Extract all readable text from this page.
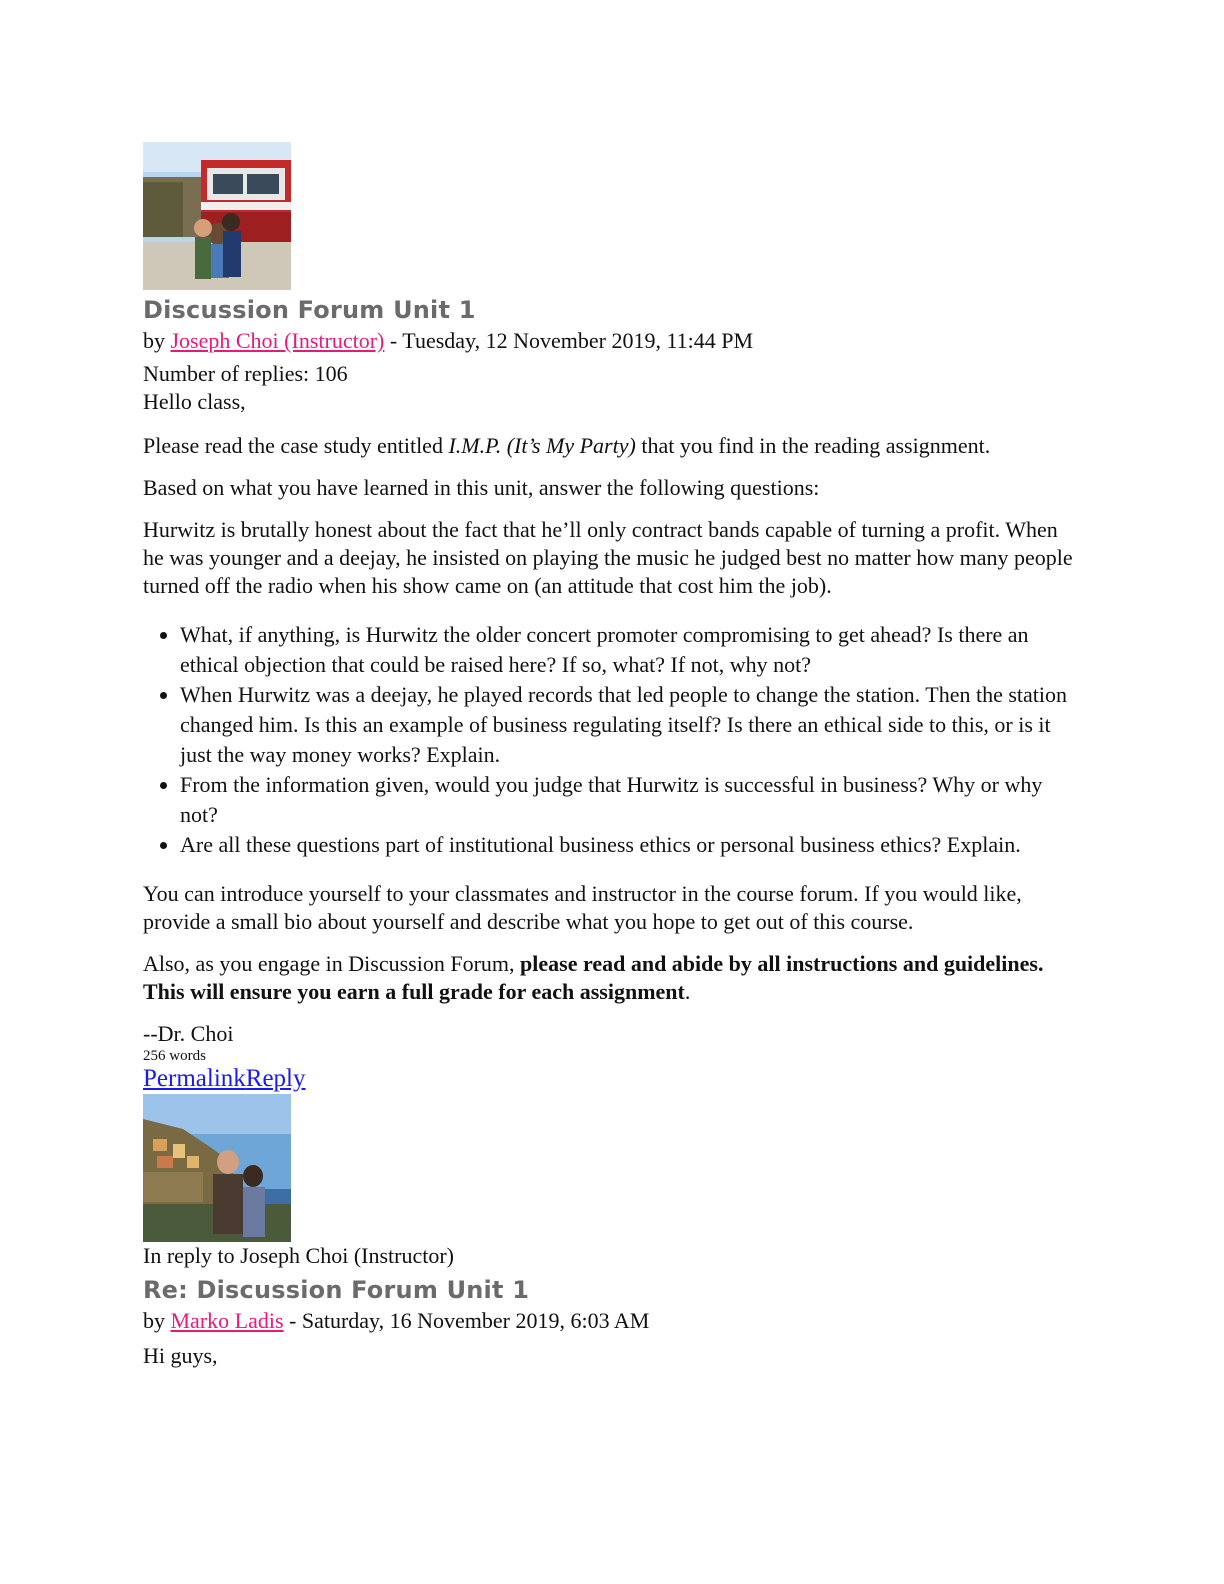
Discussion Forum Unit 1

by Joseph Choi (Instructor) - Tuesday, 12 November 2019, 11:44 PM

Number of replies: 106

Hello class,

Please read the case study entitled I.M.P. (It’s My Party) that you find in the reading assignment.

Based on what you have learned in this unit, answer the following questions:

Hurwitz is brutally honest about the fact that he’ll only contract bands capable of turning a profit. When he was younger and a deejay, he insisted on playing the music he judged best no matter how many people turned off the radio when his show came on (an attitude that cost him the job).

• What, if anything, is Hurwitz the older concert promoter compromising to get ahead? Is there an ethical objection that could be raised here? If so, what? If not, why not?
• When Hurwitz was a deejay, he played records that led people to change the station. Then the station changed him. Is this an example of business regulating itself? Is there an ethical side to this, or is it just the way money works? Explain.
• From the information given, would you judge that Hurwitz is successful in business? Why or why not?
• Are all these questions part of institutional business ethics or personal business ethics? Explain.

You can introduce yourself to your classmates and instructor in the course forum. If you would like, provide a small bio about yourself and describe what you hope to get out of this course.

Also, as you engage in Discussion Forum, please read and abide by all instructions and guidelines. This will ensure you earn a full grade for each assignment.

--Dr. Choi

256 words

PermalinkReply

In reply to Joseph Choi (Instructor)

Re: Discussion Forum Unit 1

by Marko Ladis - Saturday, 16 November 2019, 6:03 AM

Hi guys,
